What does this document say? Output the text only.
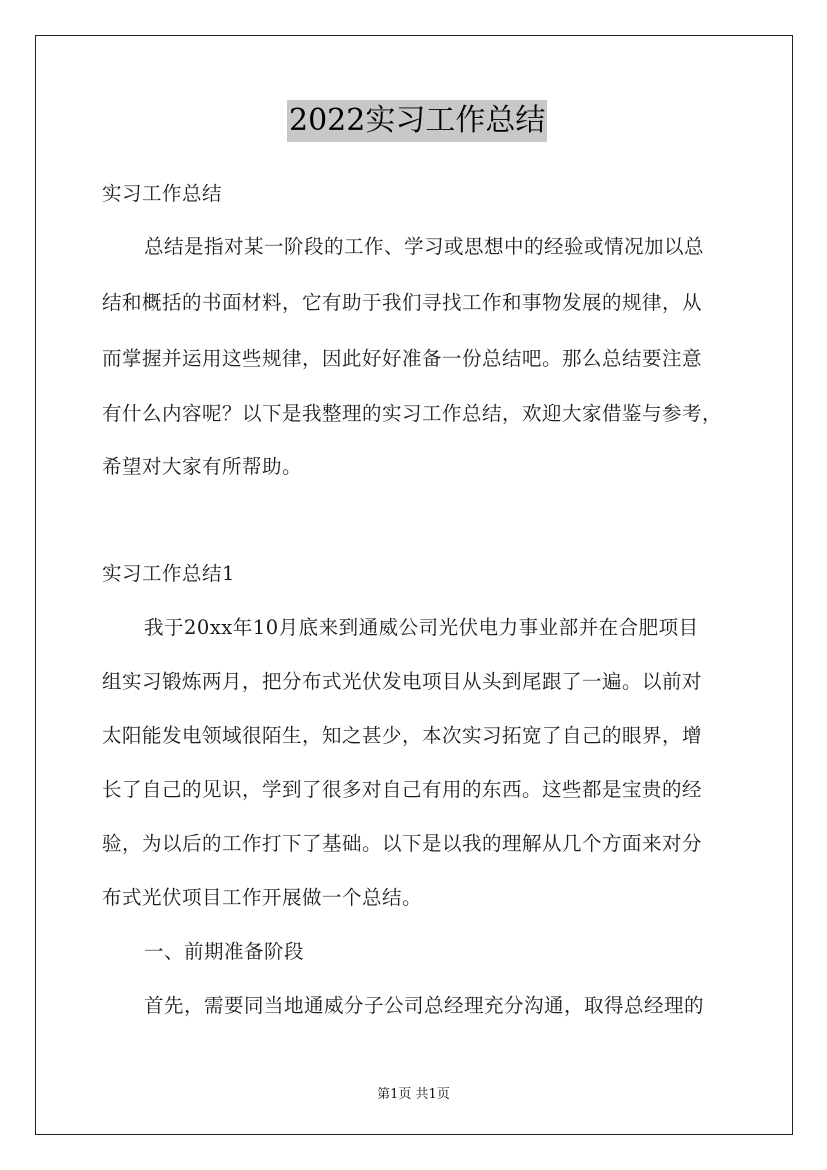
2022实习工作总结
实习工作总结
总结是指对某一阶段的工作、学习或思想中的经验或情况加以总
结和概括的书面材料，它有助于我们寻找工作和事物发展的规律，从
而掌握并运用这些规律，因此好好准备一份总结吧。那么总结要注意
有什么内容呢？以下是我整理的实习工作总结，欢迎大家借鉴与参考，
希望对大家有所帮助。
实习工作总结1
我于20xx年10月底来到通威公司光伏电力事业部并在合肥项目
组实习锻炼两月，把分布式光伏发电项目从头到尾跟了一遍。以前对
太阳能发电领域很陌生，知之甚少，本次实习拓宽了自己的眼界，增
长了自己的见识，学到了很多对自己有用的东西。这些都是宝贵的经
验，为以后的工作打下了基础。以下是以我的理解从几个方面来对分
布式光伏项目工作开展做一个总结。
一、前期准备阶段
首先，需要同当地通威分子公司总经理充分沟通，取得总经理的
第1页 共1页
